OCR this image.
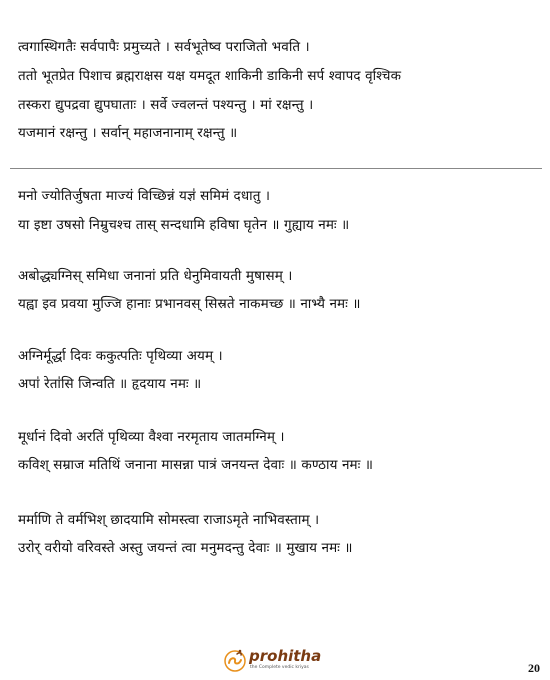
त्वगास्थिगतैः सर्वपापैः प्रमुच्यते । सर्वभूतेष्व पराजितो भवति ।
ततो भूतप्रेत पिशाच ब्रह्मराक्षस यक्ष यमदूत शाकिनी डाकिनी सर्प श्वापद वृश्चिक
तस्करा द्युपद्रवा द्युपघाताः । सर्वे ज्वलन्तं पश्यन्तु । मां रक्षन्तु ।
यजमानं रक्षन्तु । सर्वान् महाजनानाम् रक्षन्तु ॥
मनो ज्योतिर्जुषता माज्यं विच्छिन्नं यज्ञ॑ समिमं दधातु ।
या इष्टा उषसो निम्रुचश्च तास् सन्दधामि हविषा घृतेन ॥ गुह्याय नमः ॥
अबोद्ध्यग्निस् समिधा जनानां प्रति धेनुमिवायती मुषासम् ।
यह्वा इव प्रवया मुज्जि हानाः प्रभानवस् सिस्रते नाकमच्छ ॥ नाभ्यै नमः ॥
अग्निर्मूर्द्धा दिवः ककुत्पतिः पृथिव्या अयम् ।
अपा॑ रेता॑सि जिन्वति ॥ हृदयाय नमः ॥
मूर्धानं दिवो अरतिं पृथिव्या वैश्वा नरमृताय जातमग्निम् ।
कविश् सम्राज मतिथिं जनाना मासन्ना पात्रं जनयन्त देवाः ॥ कण्ठाय नमः ॥
मर्माणि ते वर्मभिश् छादयामि सोमस्त्वा राजाऽमृते नाभिवस्ताम् ।
उरोर् वरीयो वरिवस्ते अस्तु जयन्तं त्वा मनुमदन्तु देवाः ॥ मुखाय नमः ॥
prohitha
the Complete vedic kriyas	20
